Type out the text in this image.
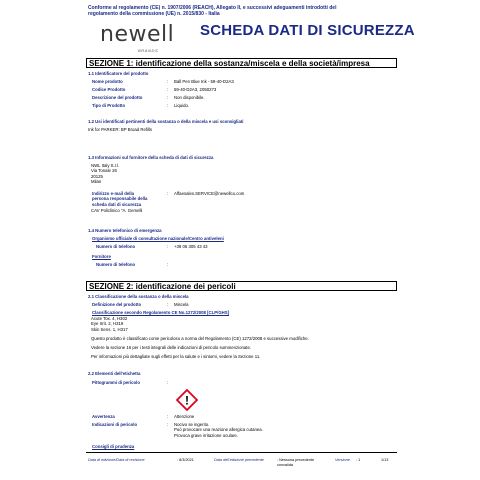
Conforme al regolamento (CE) n. 1907/2006 (REACH), Allegato II, e successivi adeguamenti introdotti del
regolamento della commissione (UE) n. 2015/830 - Italia
newell
BRANDS
SCHEDA DATI DI SICUREZZA
SEZIONE 1: identificazione della sostanza/miscela e della società/impresa
1.1 Identificatore del prodotto
Nome prodotto	: Ball Pen Blue Ink - 59-40-D2A3
Codice Prodotto	: 59-40-D2A3, 2050273
Descrizione del prodotto	: Non disponibile.
Tipo di Prodotto	: Liquido.
1.2 Usi identificati pertinenti della sostanza o della miscela e usi sconsigliati
Ink for PARKER: BP Broad Refills
1.3 Informazioni sul fornitore della scheda di dati di sicurezza
NWL Italy S.r.l.
Via Tonale 26
20125
Milan
Indirizzo e-mail della
persona responsabile della
scheda dati di sicurezza
: Affaesales.SERVICE@newellco.com
CAV Policlinico "A. Gemelli
1.4 Numero telefonico di emergenza
Organismo ufficiale di consultazione nazionale/Centro antiveleni
Numero di telefono	: +39 06 305 43 43
Fornitore
Numero di telefono	:
SEZIONE 2: identificazione dei pericoli
2.1 Classificazione della sostanza o della miscela
Definizione del prodotto	: Miscela
Classificazione secondo Regolamento CE No.1272/2008 [CLP/GHS]
Acute Tox. 4, H302
Eye Irrit. 2, H319
Skin Sens. 1, H317
Questo prodotto è classificato come pericoloso a norma del Regolamento (CE) 1272/2008 e successive modifiche.
Vedere la sezione 16 per i testi integrali delle indicazioni di pericolo summenzionate.
Per informazioni più dettagliate sugli effetti per la salute e i sintomi, vedere la Sezione 11.
2.2 Elementi dell'etichetta
Pittogrammi di pericolo	:
!
Avvertenza	: Attenzione
Indicazioni di pericolo	: Nocivo se ingerito.
Può provocare una reazione allergica cutanea.
Provoca grave irritazione oculare.
Consigli di prudenza
Data di edizione/Data di revisione	: 8/3/2021	Data dell'edizione precedente	: Nessuna precedente
convalida
Versione : 1	1/13
